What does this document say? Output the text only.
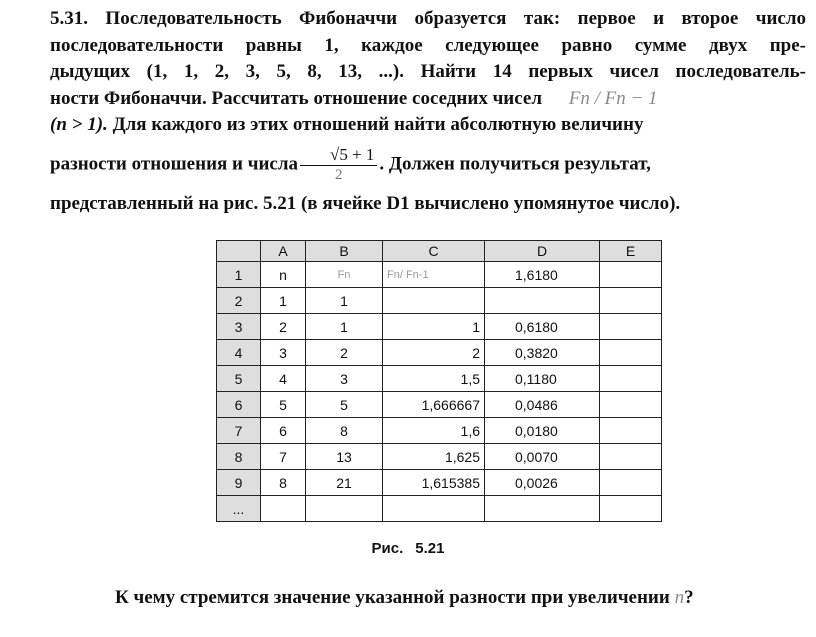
5.31. Последовательность Фибоначчи образуется так: первое и второе число
последовательности равны 1, каждое следующее равно сумме двух пре-
дыдущих (1, 1, 2, 3, 5, 8, 13, ...). Найти 14 первых чисел последователь-
ности Фибоначчи. Рассчитать отношение соседних чисел Fn / Fn − 1
(n > 1). Для каждого из этих отношений найти абсолютную величину
разности отношения и числа $\frac{√5 + 1}{2}$ . Должен получиться результат,
представленный на рис. 5.21 (в ячейке D1 вычислено упомянутое число).
	A	B	C	D	E
1	n	Fn	Fn/ Fn-1	1,6180	
2	1	1			
3	2	1	1	0,6180	
4	3	2	2	0,3820	
5	4	3	1,5	0,1180	
6	5	5	1,666667	0,0486	
7	6	8	1,6	0,0180	
8	7	13	1,625	0,0070	
9	8	21	1,615385	0,0026	
...					
Рис. 5.21
К чему стремится значение указанной разности при увеличении n?
